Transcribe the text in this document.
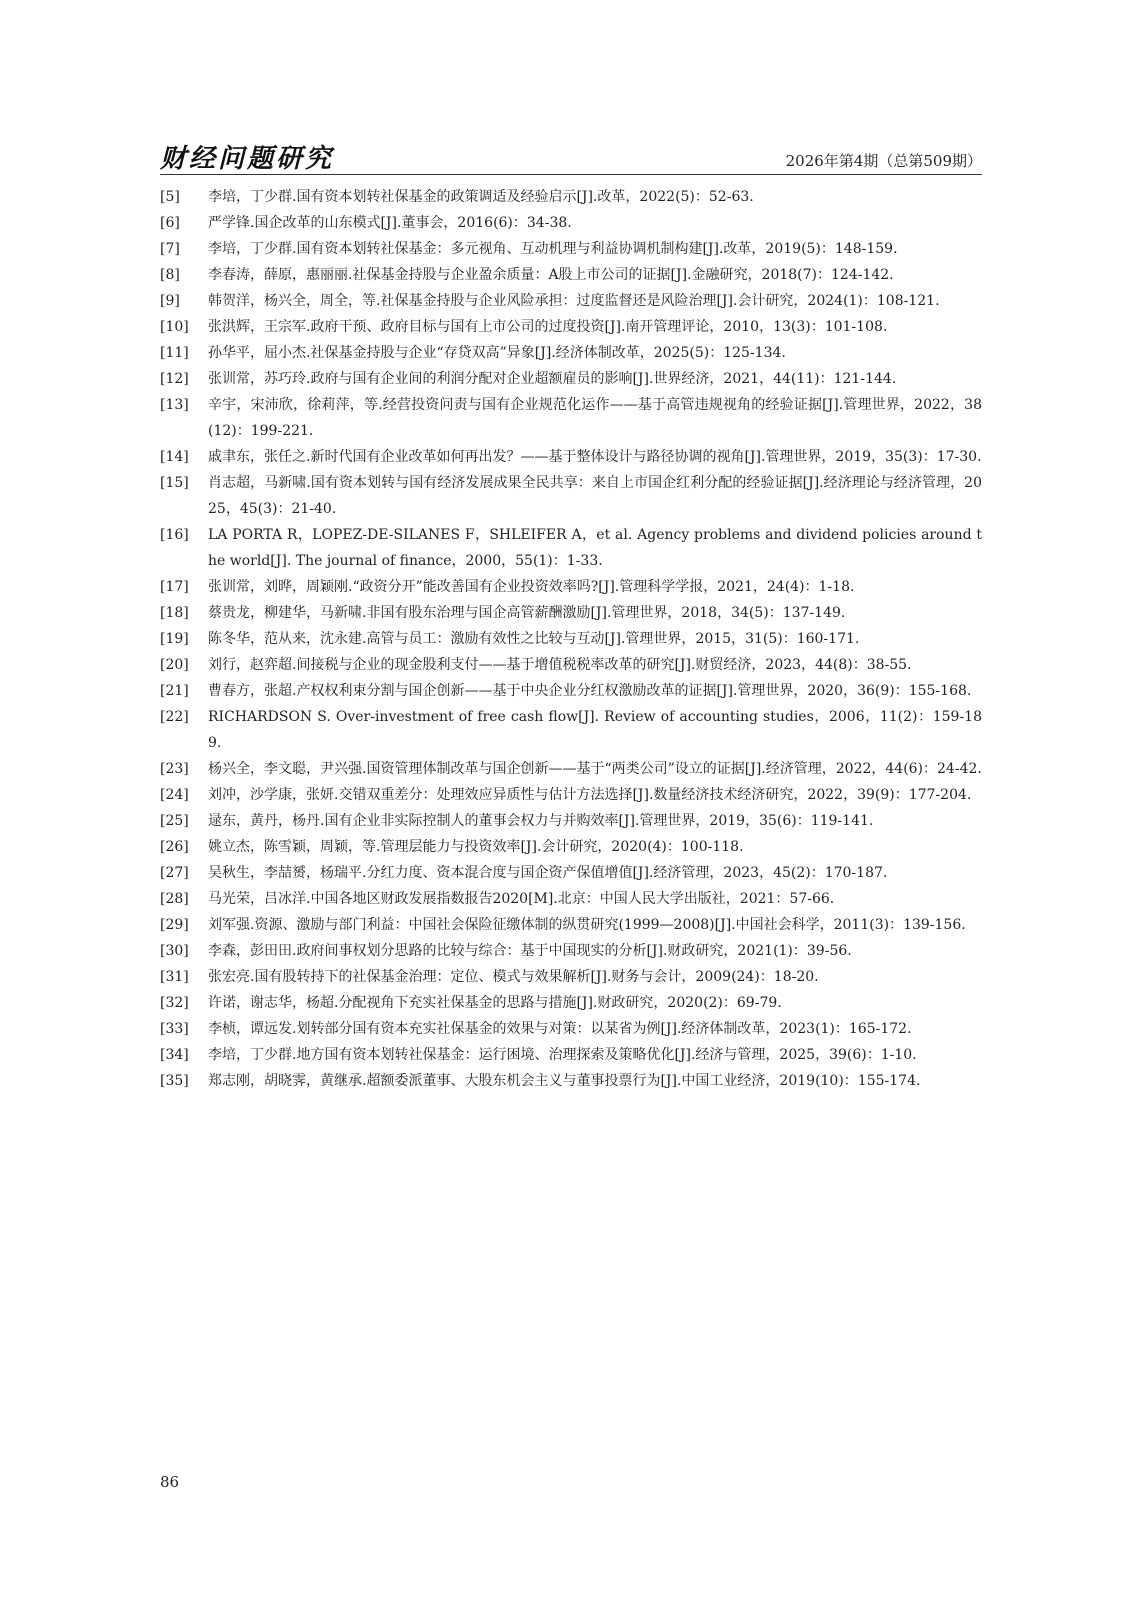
财经问题研究	2026年第4期（总第509期）
[5]	李培，丁少群.国有资本划转社保基金的政策调适及经验启示[J].改革，2022(5)：52-63.
[6]	严学锋.国企改革的山东模式[J].董事会，2016(6)：34-38.
[7]	李培，丁少群.国有资本划转社保基金：多元视角、互动机理与利益协调机制构建[J].改革，2019(5)：148-159.
[8]	李春涛，薛原，惠丽丽.社保基金持股与企业盈余质量：A股上市公司的证据[J].金融研究，2018(7)：124-142.
[9]	韩贺洋，杨兴全，周全，等.社保基金持股与企业风险承担：过度监督还是风险治理[J].会计研究，2024(1)：108-121.
[10]	张洪辉，王宗军.政府干预、政府目标与国有上市公司的过度投资[J].南开管理评论，2010，13(3)：101-108.
[11]	孙华平，屈小杰.社保基金持股与企业“存贷双高”异象[J].经济体制改革，2025(5)：125-134.
[12]	张训常，苏巧玲.政府与国有企业间的利润分配对企业超额雇员的影响[J].世界经济，2021，44(11)：121-144.
[13]	辛宇，宋沛欣，徐莉萍，等.经营投资问责与国有企业规范化运作——基于高管违规视角的经验证据[J].管理世界，2022，38(12)：199-221.
[14]	戚聿东，张任之.新时代国有企业改革如何再出发？——基于整体设计与路径协调的视角[J].管理世界，2019，35(3)：17-30.
[15]	肖志超，马新啸.国有资本划转与国有经济发展成果全民共享：来自上市国企红利分配的经验证据[J].经济理论与经济管理，2025，45(3)：21-40.
[16]	LA PORTA R，LOPEZ-DE-SILANES F，SHLEIFER A，et al. Agency problems and dividend policies around the world[J]. The journal of finance，2000，55(1)：1-33.
[17]	张训常，刘晔，周颖刚.“政资分开”能改善国有企业投资效率吗?[J].管理科学学报，2021，24(4)：1-18.
[18]	蔡贵龙，柳建华，马新啸.非国有股东治理与国企高管薪酬激励[J].管理世界，2018，34(5)：137-149.
[19]	陈冬华，范从来，沈永建.高管与员工：激励有效性之比较与互动[J].管理世界，2015，31(5)：160-171.
[20]	刘行，赵弈超.间接税与企业的现金股利支付——基于增值税税率改革的研究[J].财贸经济，2023，44(8)：38-55.
[21]	曹春方，张超.产权权利束分割与国企创新——基于中央企业分红权激励改革的证据[J].管理世界，2020，36(9)：155-168.
[22]	RICHARDSON S. Over-investment of free cash flow[J]. Review of accounting studies，2006，11(2)：159-189.
[23]	杨兴全，李文聪，尹兴强.国资管理体制改革与国企创新——基于“两类公司”设立的证据[J].经济管理，2022，44(6)：24-42.
[24]	刘冲，沙学康，张妍.交错双重差分：处理效应异质性与估计方法选择[J].数量经济技术经济研究，2022，39(9)：177-204.
[25]	逯东，黄丹，杨丹.国有企业非实际控制人的董事会权力与并购效率[J].管理世界，2019，35(6)：119-141.
[26]	姚立杰，陈雪颖，周颖，等.管理层能力与投资效率[J].会计研究，2020(4)：100-118.
[27]	吴秋生，李喆赟，杨瑞平.分红力度、资本混合度与国企资产保值增值[J].经济管理，2023，45(2)：170-187.
[28]	马光荣，吕冰洋.中国各地区财政发展指数报告2020[M].北京：中国人民大学出版社，2021：57-66.
[29]	刘军强.资源、激励与部门利益：中国社会保险征缴体制的纵贯研究(1999—2008)[J].中国社会科学，2011(3)：139-156.
[30]	李森，彭田田.政府间事权划分思路的比较与综合：基于中国现实的分析[J].财政研究，2021(1)：39-56.
[31]	张宏亮.国有股转持下的社保基金治理：定位、模式与效果解析[J].财务与会计，2009(24)：18-20.
[32]	许诺，谢志华，杨超.分配视角下充实社保基金的思路与措施[J].财政研究，2020(2)：69-79.
[33]	李桢，谭远发.划转部分国有资本充实社保基金的效果与对策：以某省为例[J].经济体制改革，2023(1)：165-172.
[34]	李培，丁少群.地方国有资本划转社保基金：运行困境、治理探索及策略优化[J].经济与管理，2025，39(6)：1-10.
[35]	郑志刚，胡晓霁，黄继承.超额委派董事、大股东机会主义与董事投票行为[J].中国工业经济，2019(10)：155-174.
86
